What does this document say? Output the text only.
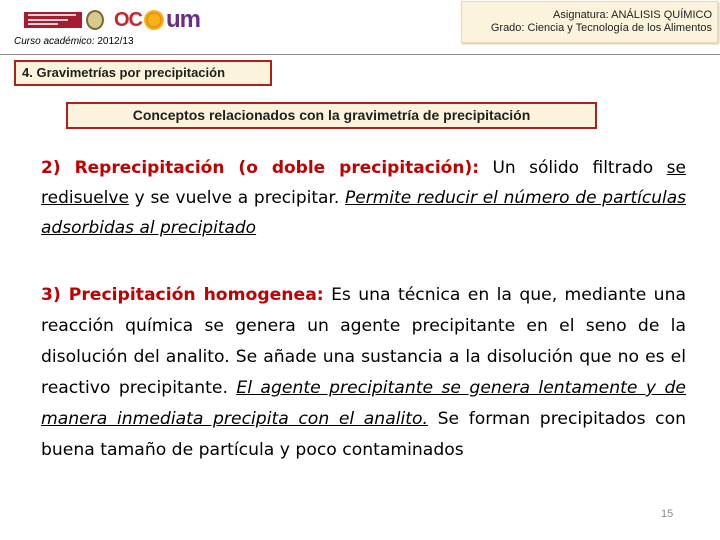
OC um
Curso académico: 2012/13
Asignatura: ANÁLISIS QUÍMICO
Grado: Ciencia y Tecnología de los Alimentos
4. Gravimetrías por precipitación
Conceptos relacionados con la gravimetría de precipitación

2) Reprecipitación (o doble precipitación): Un sólido filtrado se redisuelve y se vuelve a precipitar. Permite reducir el número de partículas adsorbidas al precipitado

3) Precipitación homogenea: Es una técnica en la que, mediante una reacción química se genera un agente precipitante en el seno de la disolución del analito. Se añade una sustancia a la disolución que no es el reactivo precipitante. El agente precipitante se genera lentamente y de manera inmediata precipita con el analito. Se forman precipitados con buena tamaño de partícula y poco contaminados

15
